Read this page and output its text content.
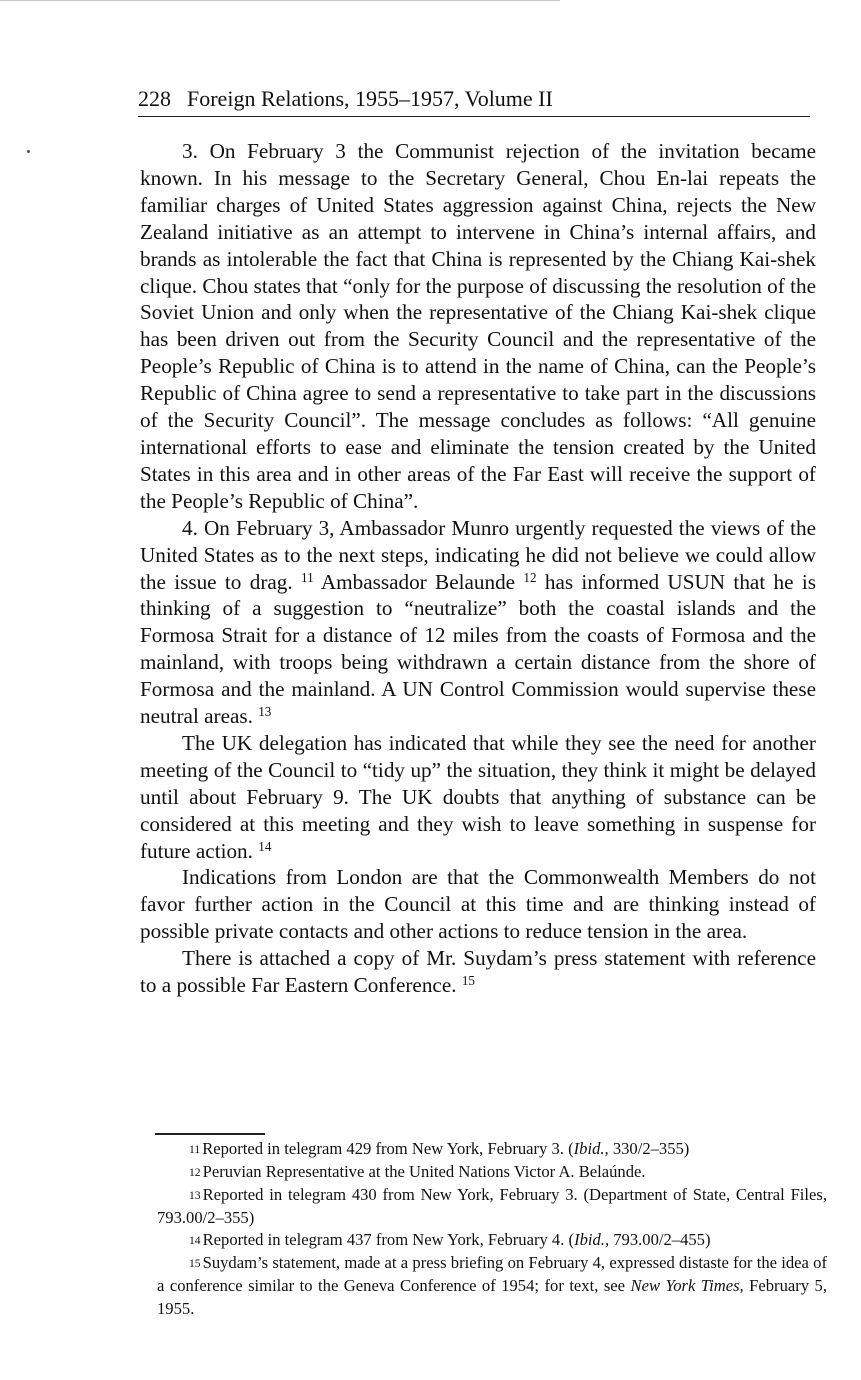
228 Foreign Relations, 1955–1957, Volume II

3. On February 3 the Communist rejection of the invitation became known. In his message to the Secretary General, Chou En-lai repeats the familiar charges of United States aggression against China, rejects the New Zealand initiative as an attempt to intervene in China’s internal affairs, and brands as intolerable the fact that China is represented by the Chiang Kai-shek clique. Chou states that “only for the purpose of discussing the resolution of the Soviet Union and only when the representative of the Chiang Kai-shek clique has been driven out from the Security Council and the representative of the People’s Republic of China is to attend in the name of China, can the People’s Republic of China agree to send a representative to take part in the discussions of the Security Council”. The message concludes as follows: “All genuine international efforts to ease and eliminate the tension created by the United States in this area and in other areas of the Far East will receive the support of the People’s Republic of China”.

4. On February 3, Ambassador Munro urgently requested the views of the United States as to the next steps, indicating he did not believe we could allow the issue to drag. $^{11}$ Ambassador Belaunde $^{12}$ has informed USUN that he is thinking of a suggestion to “neutralize” both the coastal islands and the Formosa Strait for a distance of 12 miles from the coasts of Formosa and the mainland, with troops being withdrawn a certain distance from the shore of Formosa and the mainland. A UN Control Commission would supervise these neutral areas. $^{13}$

The UK delegation has indicated that while they see the need for another meeting of the Council to “tidy up” the situation, they think it might be delayed until about February 9. The UK doubts that anything of substance can be considered at this meeting and they wish to leave something in suspense for future action. $^{14}$

Indications from London are that the Commonwealth Members do not favor further action in the Council at this time and are thinking instead of possible private contacts and other actions to reduce tension in the area.

There is attached a copy of Mr. Suydam’s press statement with reference to a possible Far Eastern Conference. $^{15}$

11 Reported in telegram 429 from New York, February 3. (Ibid., 330/2–355)

12 Peruvian Representative at the United Nations Victor A. Belaúnde.

13 Reported in telegram 430 from New York, February 3. (Department of State, Central Files, 793.00/2–355)

14 Reported in telegram 437 from New York, February 4. (Ibid., 793.00/2–455)

15 Suydam’s statement, made at a press briefing on February 4, expressed distaste for the idea of a conference similar to the Geneva Conference of 1954; for text, see New York Times, February 5, 1955.
